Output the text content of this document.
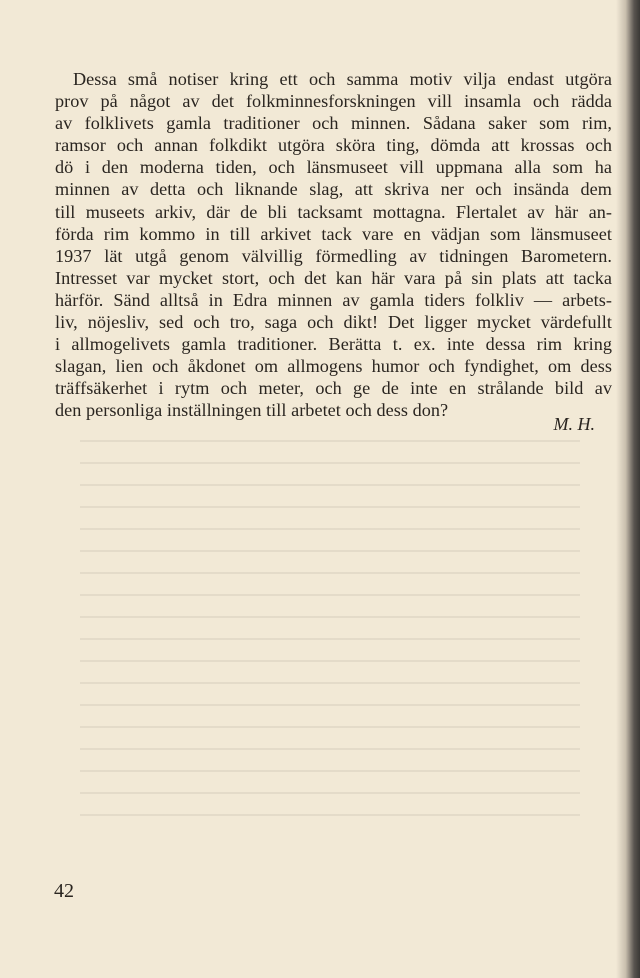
Dessa små notiser kring ett och samma motiv vilja endast utgöra
prov på något av det folkminnesforskningen vill insamla och rädda
av folklivets gamla traditioner och minnen. Sådana saker som rim,
ramsor och annan folkdikt utgöra sköra ting, dömda att krossas och
dö i den moderna tiden, och länsmuseet vill uppmana alla som ha
minnen av detta och liknande slag, att skriva ner och insända dem
till museets arkiv, där de bli tacksamt mottagna. Flertalet av här an-
förda rim kommo in till arkivet tack vare en vädjan som länsmuseet
1937 lät utgå genom välvillig förmedling av tidningen Barometern.
Intresset var mycket stort, och det kan här vara på sin plats att tacka
härför. Sänd alltså in Edra minnen av gamla tiders folkliv — arbets-
liv, nöjesliv, sed och tro, saga och dikt! Det ligger mycket värdefullt
i allmogelivets gamla traditioner. Berätta t. ex. inte dessa rim kring
slagan, lien och åkdonet om allmogens humor och fyndighet, om dess
träffsäkerhet i rytm och meter, och ge de inte en strålande bild av
den personliga inställningen till arbetet och dess don?
M. H.
42
